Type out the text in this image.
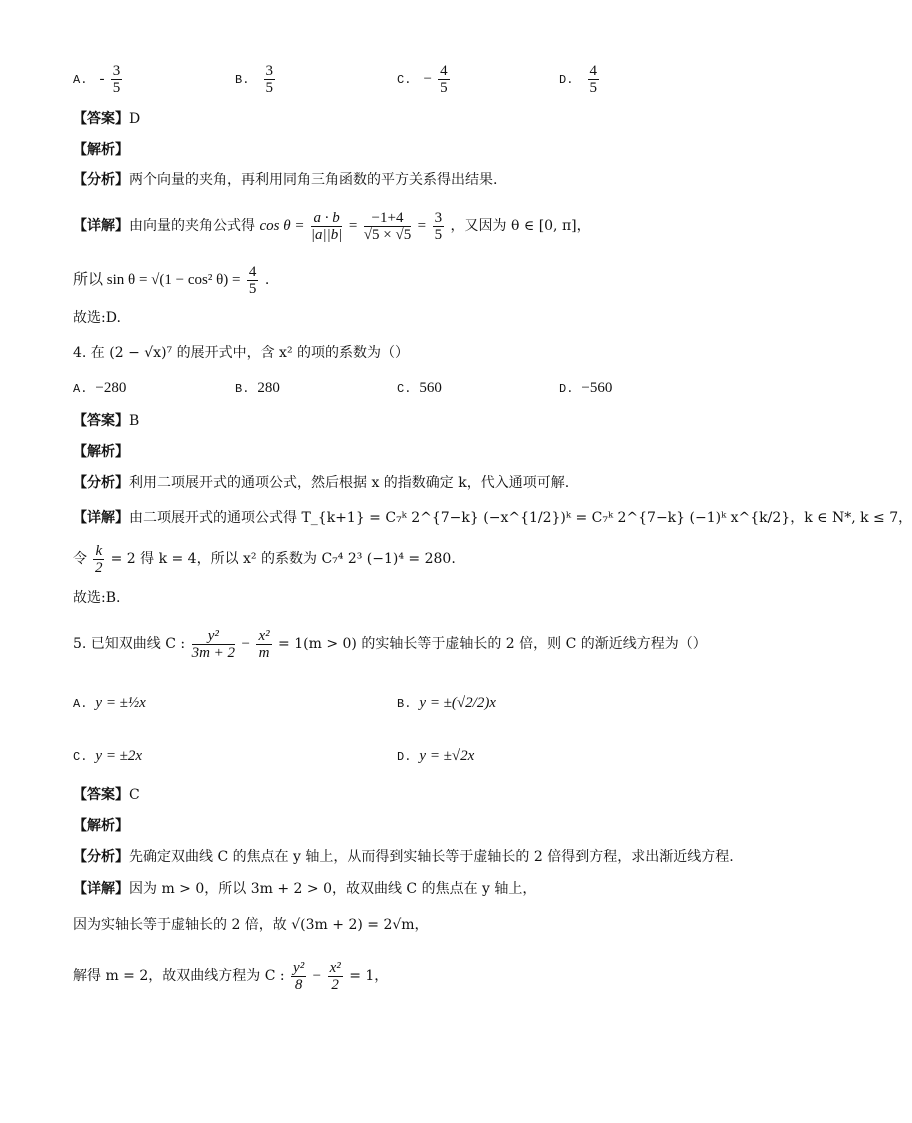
A. - $\frac{3}{5}$	B. $\frac{3}{5}$	C. − $\frac{4}{5}$	D. $\frac{4}{5}$
【答案】D
【解析】
【分析】两个向量的夹角，再利用同角三角函数的平方关系得出结果.
【详解】由向量的夹角公式得 $\cos \theta = \frac{a \cdot b}{|a||b|} = \frac{-1+4}{√5 \times √5} = \frac{3}{5}$ ，又因为 θ ∈ [0, π]，
所以 sin θ = √(1 − cos² $\theta) = \frac{4}{5}$ .
故选:D.
4. 在 (2 − √x)⁷ 的展开式中，含 x² 的项的系数为（）
A. −280	B. 280	C. 560	D. −560
【答案】B
【解析】
【分析】利用二项展开式的通项公式，然后根据 x 的指数确定 k，代入通项可解.
【详解】由二项展开式的通项公式得 T_{k+1} = C₇ᵏ 2^{7−k} (−x^{1/2})ᵏ = C₇ᵏ 2^{7−k} (−1)ᵏ x^{k/2}，k ∈ N*, k ≤ 7，
令 $\frac{k}{2} = 2$ 得 k = 4，所以 x² 的系数为 C₇⁴ 2³ (−1)⁴ = 280.
故选:B.
5. 已知双曲线 C : $\frac{\text{y²}}{3m + 2} - \frac{\text{x²}}{m} = 1(m > 0)$ 的实轴长等于虚轴长的 2 倍，则 C 的渐近线方程为（）
A. y = ±½x	B. y = ±(√2/2)x
C. y = ±2x	D. y = ±√2x
【答案】C
【解析】
【分析】先确定双曲线 C 的焦点在 y 轴上，从而得到实轴长等于虚轴长的 2 倍得到方程，求出渐近线方程.
【详解】因为 m > 0，所以 3m + 2 > 0，故双曲线 C 的焦点在 y 轴上，
因为实轴长等于虚轴长的 2 倍，故 √(3m + 2) = 2√m，
解得 m = 2，故双曲线方程为 C : $\frac{\text{y²}}{8} - \frac{\text{x²}}{2} = 1$，
